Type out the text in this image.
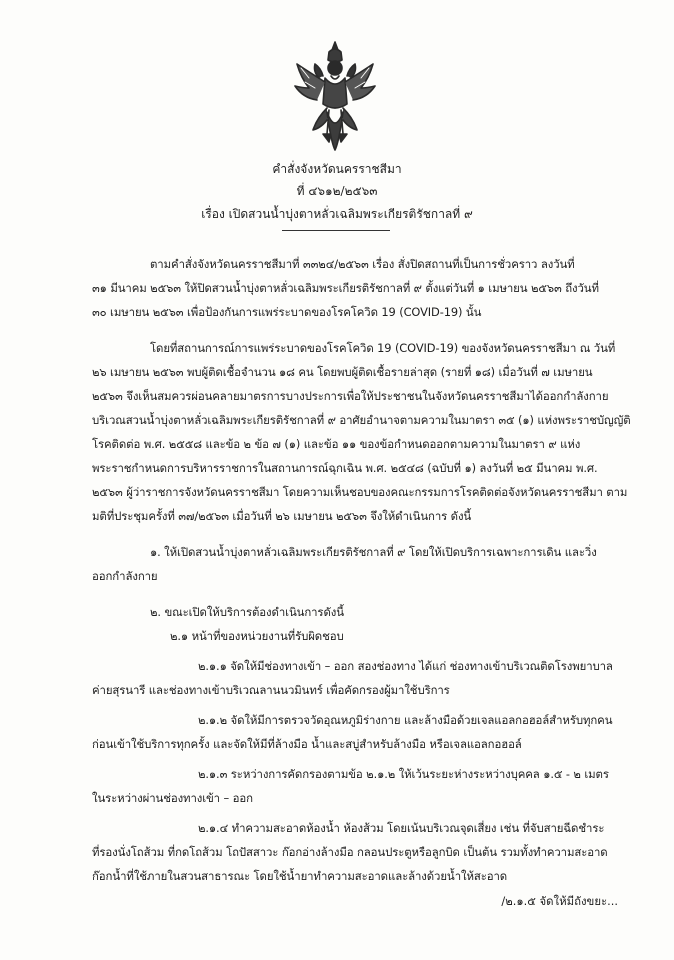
คำสั่งจังหวัดนครราชสีมา
ที่ ๔๖๑๒/๒๕๖๓
เรื่อง เปิดสวนน้ำบุ่งตาหลั่วเฉลิมพระเกียรติรัชกาลที่ ๙
ตามคำสั่งจังหวัดนครราชสีมาที่ ๓๓๒๔/๒๕๖๓ เรื่อง สั่งปิดสถานที่เป็นการชั่วคราว ลงวันที่
๓๑ มีนาคม ๒๕๖๓ ให้ปิดสวนน้ำบุ่งตาหลั่วเฉลิมพระเกียรติรัชกาลที่ ๙ ตั้งแต่วันที่ ๑ เมษายน ๒๕๖๓ ถึงวันที่
๓๐ เมษายน ๒๕๖๓ เพื่อป้องกันการแพร่ระบาดของโรคโควิด 19 (COVID-19) นั้น
โดยที่สถานการณ์การแพร่ระบาดของโรคโควิด 19 (COVID-19) ของจังหวัดนครราชสีมา ณ วันที่
๒๖ เมษายน ๒๕๖๓ พบผู้ติดเชื้อจำนวน ๑๘ คน โดยพบผู้ติดเชื้อรายล่าสุด (รายที่ ๑๘) เมื่อวันที่ ๗ เมษายน
๒๕๖๓ จึงเห็นสมควรผ่อนคลายมาตรการบางประการเพื่อให้ประชาชนในจังหวัดนครราชสีมาได้ออกกำลังกาย
บริเวณสวนน้ำบุ่งตาหลั่วเฉลิมพระเกียรติรัชกาลที่ ๙ อาศัยอำนาจตามความในมาตรา ๓๕ (๑) แห่งพระราชบัญญัติ
โรคติดต่อ พ.ศ. ๒๕๕๘ และข้อ ๒ ข้อ ๗ (๑) และข้อ ๑๑ ของข้อกำหนดออกตามความในมาตรา ๙ แห่ง
พระราชกำหนดการบริหารราชการในสถานการณ์ฉุกเฉิน พ.ศ. ๒๕๔๘ (ฉบับที่ ๑) ลงวันที่ ๒๕ มีนาคม พ.ศ.
๒๕๖๓ ผู้ว่าราชการจังหวัดนครราชสีมา โดยความเห็นชอบของคณะกรรมการโรคติดต่อจังหวัดนครราชสีมา ตาม
มติที่ประชุมครั้งที่ ๓๗/๒๕๖๓ เมื่อวันที่ ๒๖ เมษายน ๒๕๖๓ จึงให้ดำเนินการ ดังนี้
๑. ให้เปิดสวนน้ำบุ่งตาหลั่วเฉลิมพระเกียรติรัชกาลที่ ๙ โดยให้เปิดบริการเฉพาะการเดิน และวิ่ง
ออกกำลังกาย
๒. ขณะเปิดให้บริการต้องดำเนินการดังนี้
๒.๑ หน้าที่ของหน่วยงานที่รับผิดชอบ
๒.๑.๑ จัดให้มีช่องทางเข้า – ออก สองช่องทาง ได้แก่ ช่องทางเข้าบริเวณติดโรงพยาบาล
ค่ายสุรนารี และช่องทางเข้าบริเวณลานนวมินทร์ เพื่อคัดกรองผู้มาใช้บริการ
๒.๑.๒ จัดให้มีการตรวจวัดอุณหภูมิร่างกาย และล้างมือด้วยเจลแอลกอฮอล์สำหรับทุกคน
ก่อนเข้าใช้บริการทุกครั้ง และจัดให้มีที่ล้างมือ น้ำและสบู่สำหรับล้างมือ หรือเจลแอลกอฮอล์
๒.๑.๓ ระหว่างการคัดกรองตามข้อ ๒.๑.๒ ให้เว้นระยะห่างระหว่างบุคคล ๑.๕ - ๒ เมตร
ในระหว่างผ่านช่องทางเข้า – ออก
๒.๑.๔ ทำความสะอาดห้องน้ำ ห้องส้วม โดยเน้นบริเวณจุดเสี่ยง เช่น ที่จับสายฉีดชำระ
ที่รองนั่งโถส้วม ที่กดโถส้วม โถปัสสาวะ ก๊อกอ่างล้างมือ กลอนประตูหรือลูกบิด เป็นต้น รวมทั้งทำความสะอาด
ก๊อกน้ำที่ใช้ภายในสวนสาธารณะ โดยใช้น้ำยาทำความสะอาดและล้างด้วยน้ำให้สะอาด
/๒.๑.๕ จัดให้มีถังขยะ...
